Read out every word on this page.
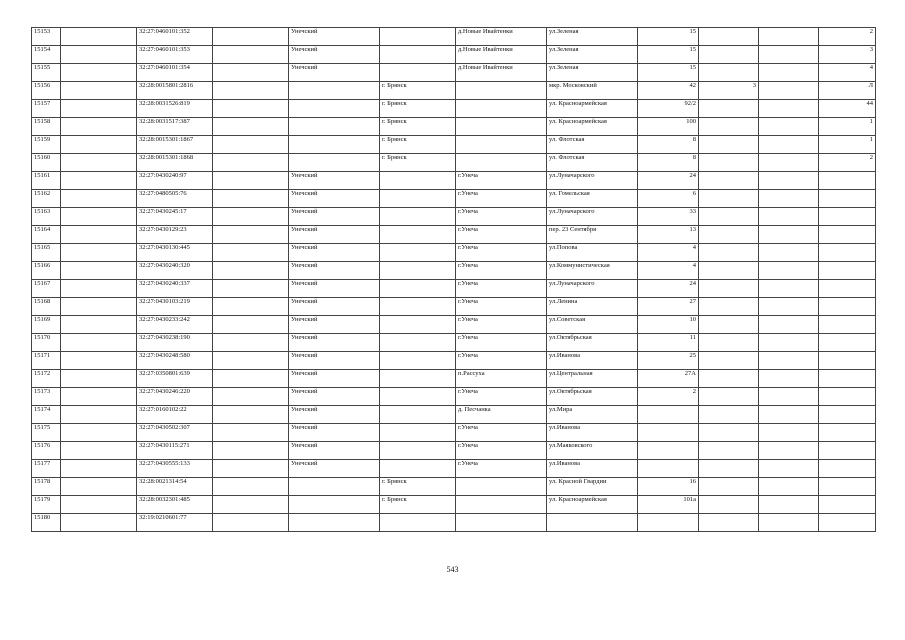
15153		32:27:0460101:352		Унечский		д.Новые Ивайтенки	ул.Зеленая	15			2
15154		32:27:0460101:353		Унечский		д.Новые Ивайтенки	ул.Зеленая	15			3
15155		32:27:0460101:354		Унечский		д.Новые Ивайтенки	ул.Зеленая	15			4
15156		32:28:0015801:2816			г. Брянск		мкр. Московский	42	3		Л
15157		32:28:0031526:819			г. Брянск		ул. Красноармейская	92/2			44
15158		32:28:0031517:387			г. Брянск		ул. Красноармейская	100			1
15159		32:28:0015301:1867			г. Брянск		ул. Флотская	8			1
15160		32:28:0015301:1868			г. Брянск		ул. Флотская	8			2
15161		32:27:0430240:97		Унечский		г.Унеча	ул.Луначарского	24			
15162		32:27:0480505:76		Унечский		г.Унеча	ул. Гомельская	6			
15163		32:27:0430245:17		Унечский		г.Унеча	ул.Луначарского	33			
15164		32:27:0430129:23		Унечский		г.Унеча	пер. 23 Сентября	13			
15165		32:27:0430130:445		Унечский		г.Унеча	ул.Попова	4			
15166		32:27:0430240:320		Унечский		г.Унеча	ул.Коммунистическая	4			
15167		32:27:0430240:337		Унечский		г.Унеча	ул.Луначарского	24			
15168		32:27:0430103:219		Унечский		г.Унеча	ул.Ленина	27			
15169		32:27:0430233:242		Унечский		г.Унеча	ул.Советская	10			
15170		32:27:0430238:190		Унечский		г.Унеча	ул.Октябрьская	11			
15171		32:27:0430248:580		Унечский		г.Унеча	ул.Иванова	25			
15172		32:27:0350801:639		Унечский		п.Рассуха	ул.Центральная	27А			
15173		32:27:0430246:220		Унечский		г.Унеча	ул.Октябрьская	2			
15174		32:27:0160102:22		Унечский		д. Песчанка	ул.Мира				
15175		32:27:0430502:307		Унечский		г.Унеча	ул.Иванова				
15176		32:27:0430115:271		Унечский		г.Унеча	ул.Маяковского				
15177		32:27:0430555:133		Унечский		г.Унеча	ул.Иванова				
15178		32:28:0021314:54			г. Брянск		ул. Красной Гвардии	16			
15179		32:28:0032301:485			г. Брянск		ул. Красноармейская	101а			
15180		32:19:0210601:77									
543
